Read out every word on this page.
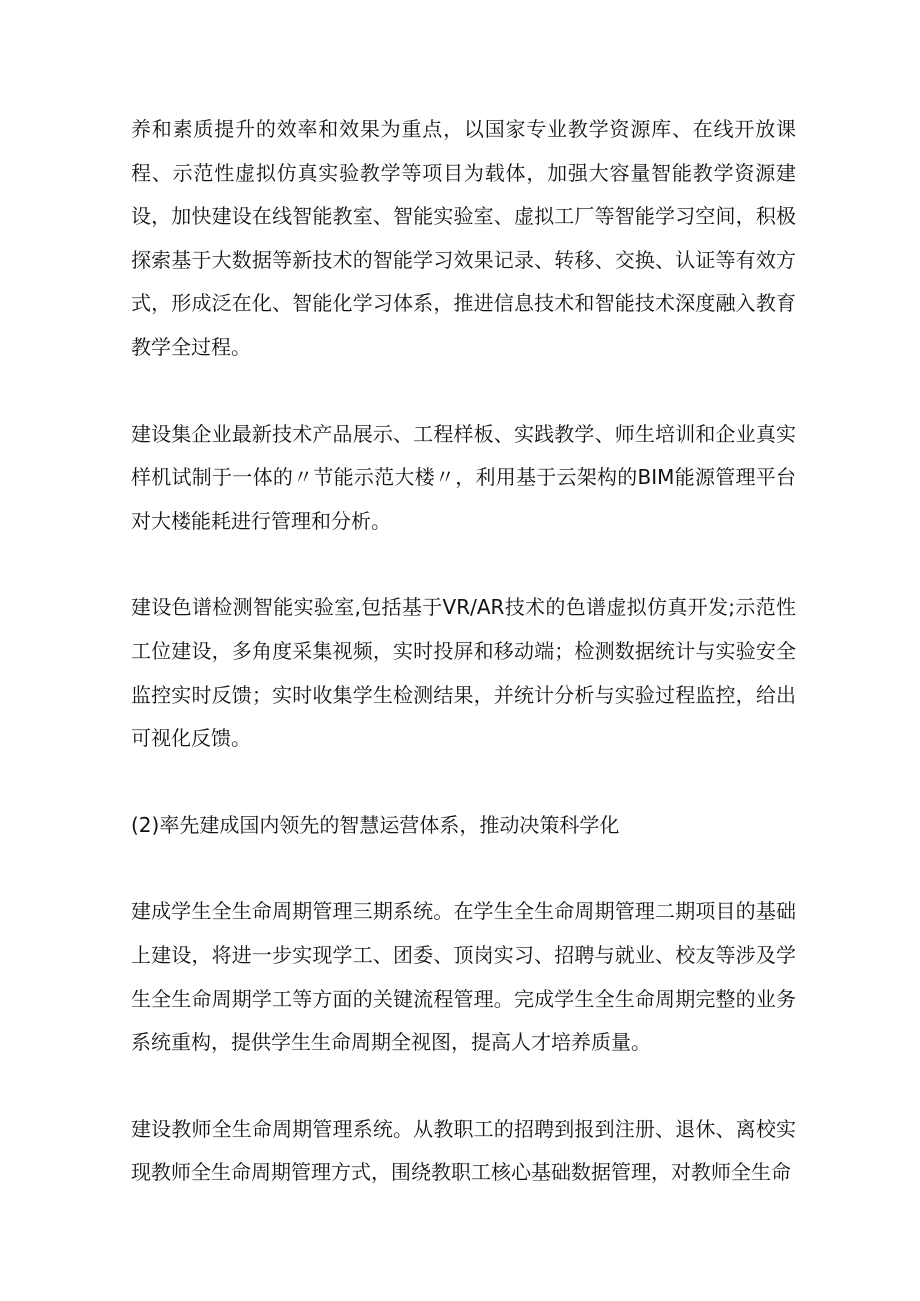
养和素质提升的效率和效果为重点，以国家专业教学资源库、在线开放课程、示范性虚拟仿真实验教学等项目为载体，加强大容量智能教学资源建设，加快建设在线智能教室、智能实验室、虚拟工厂等智能学习空间，积极探索基于大数据等新技术的智能学习效果记录、转移、交换、认证等有效方式，形成泛在化、智能化学习体系，推进信息技术和智能技术深度融入教育教学全过程。

建设集企业最新技术产品展示、工程样板、实践教学、师生培训和企业真实样机试制于一体的〃节能示范大楼〃，利用基于云架构的BIM能源管理平台对大楼能耗进行管理和分析。

建设色谱检测智能实验室,包括基于VR/AR技术的色谱虚拟仿真开发;示范性工位建设，多角度采集视频，实时投屏和移动端；检测数据统计与实验安全监控实时反馈；实时收集学生检测结果，并统计分析与实验过程监控，给出可视化反馈。

(2)率先建成国内领先的智慧运营体系，推动决策科学化

建成学生全生命周期管理三期系统。在学生全生命周期管理二期项目的基础上建设，将进一步实现学工、团委、顶岗实习、招聘与就业、校友等涉及学生全生命周期学工等方面的关键流程管理。完成学生全生命周期完整的业务系统重构，提供学生生命周期全视图，提高人才培养质量。

建设教师全生命周期管理系统。从教职工的招聘到报到注册、退休、离校实现教师全生命周期管理方式，围绕教职工核心基础数据管理，对教师全生命
